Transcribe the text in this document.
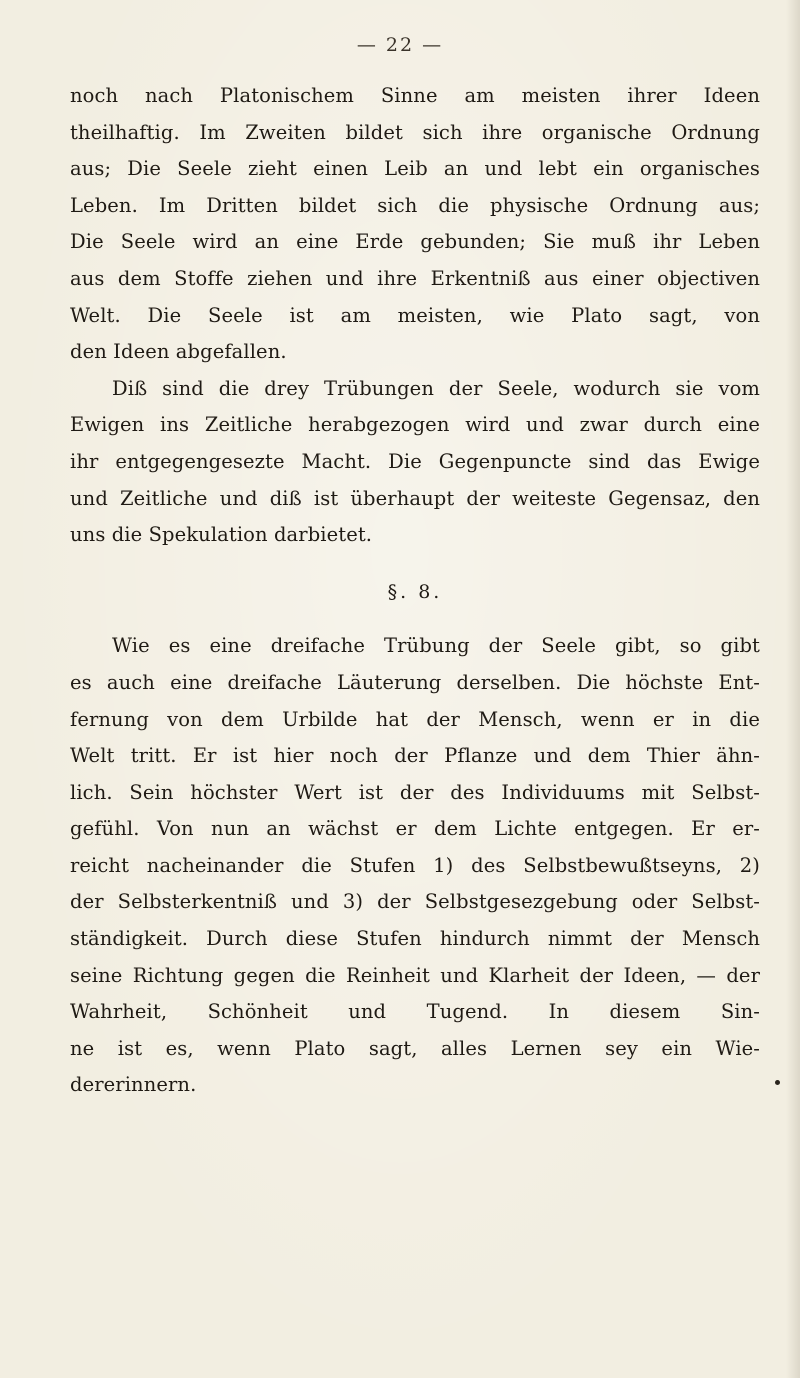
— 22 —
noch nach Platonischem Sinne am meisten ihrer Ideen
theilhaftig. Im Zweiten bildet sich ihre organische Ordnung
aus; Die Seele zieht einen Leib an und lebt ein organisches
Leben. Im Dritten bildet sich die physische Ordnung aus;
Die Seele wird an eine Erde gebunden; Sie muß ihr Leben
aus dem Stoffe ziehen und ihre Erkentniß aus einer objectiven
Welt. Die Seele ist am meisten, wie Plato sagt, von
den Ideen abgefallen.
Diß sind die drey Trübungen der Seele, wodurch sie vom
Ewigen ins Zeitliche herabgezogen wird und zwar durch eine
ihr entgegengesezte Macht. Die Gegenpuncte sind das Ewige
und Zeitliche und diß ist überhaupt der weiteste Gegensaz, den
uns die Spekulation darbietet.
§. 8.
Wie es eine dreifache Trübung der Seele gibt, so gibt
es auch eine dreifache Läuterung derselben. Die höchste Ent-
fernung von dem Urbilde hat der Mensch, wenn er in die
Welt tritt. Er ist hier noch der Pflanze und dem Thier ähn-
lich. Sein höchster Wert ist der des Individuums mit Selbst-
gefühl. Von nun an wächst er dem Lichte entgegen. Er er-
reicht nacheinander die Stufen 1) des Selbstbewußtseyns, 2)
der Selbsterkentniß und 3) der Selbstgesezgebung oder Selbst-
ständigkeit. Durch diese Stufen hindurch nimmt der Mensch
seine Richtung gegen die Reinheit und Klarheit der Ideen, — der
Wahrheit, Schönheit und Tugend. In diesem Sin-
ne ist es, wenn Plato sagt, alles Lernen sey ein Wie-
dererinnern.
